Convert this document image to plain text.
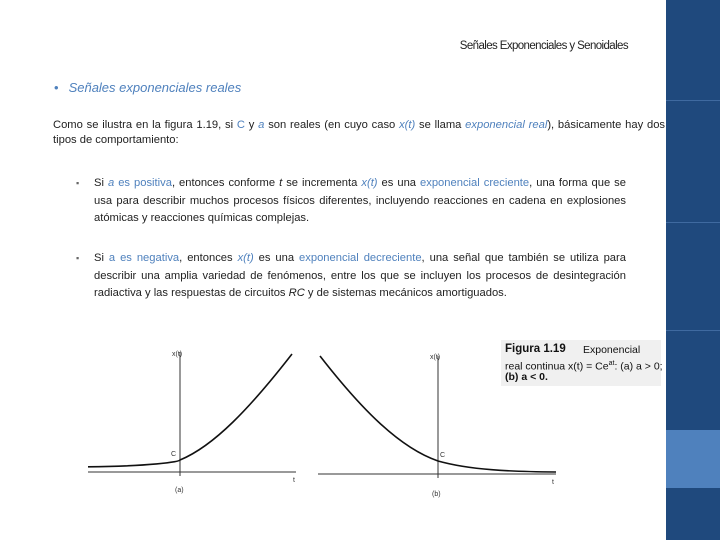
Señales Exponenciales y Senoidales
• Señales exponenciales reales
Como se ilustra en la figura 1.19, si C y a son reales (en cuyo caso x(t) se llama exponencial real), básicamente hay dos tipos de comportamiento:
▪ Si a es positiva, entonces conforme t se incrementa x(t) es una exponencial creciente, una forma que se usa para describir muchos procesos físicos diferentes, incluyendo reacciones en cadena en explosiones atómicas y reacciones químicas complejas.
▪ Si a es negativa, entonces x(t) es una exponencial decreciente, una señal que también se utiliza para describir una amplia variedad de fenómenos, entre los que se incluyen los procesos de desintegración radiactiva y las respuestas de circuitos RC y de sistemas mecánicos amortiguados.
x(t)
t
C
(a)
x(t)
t
C
(b)
Figura 1.19 Exponencial
real continua $x(t) = Ce^{at}$: (a) a > 0;
(b) a < 0.
